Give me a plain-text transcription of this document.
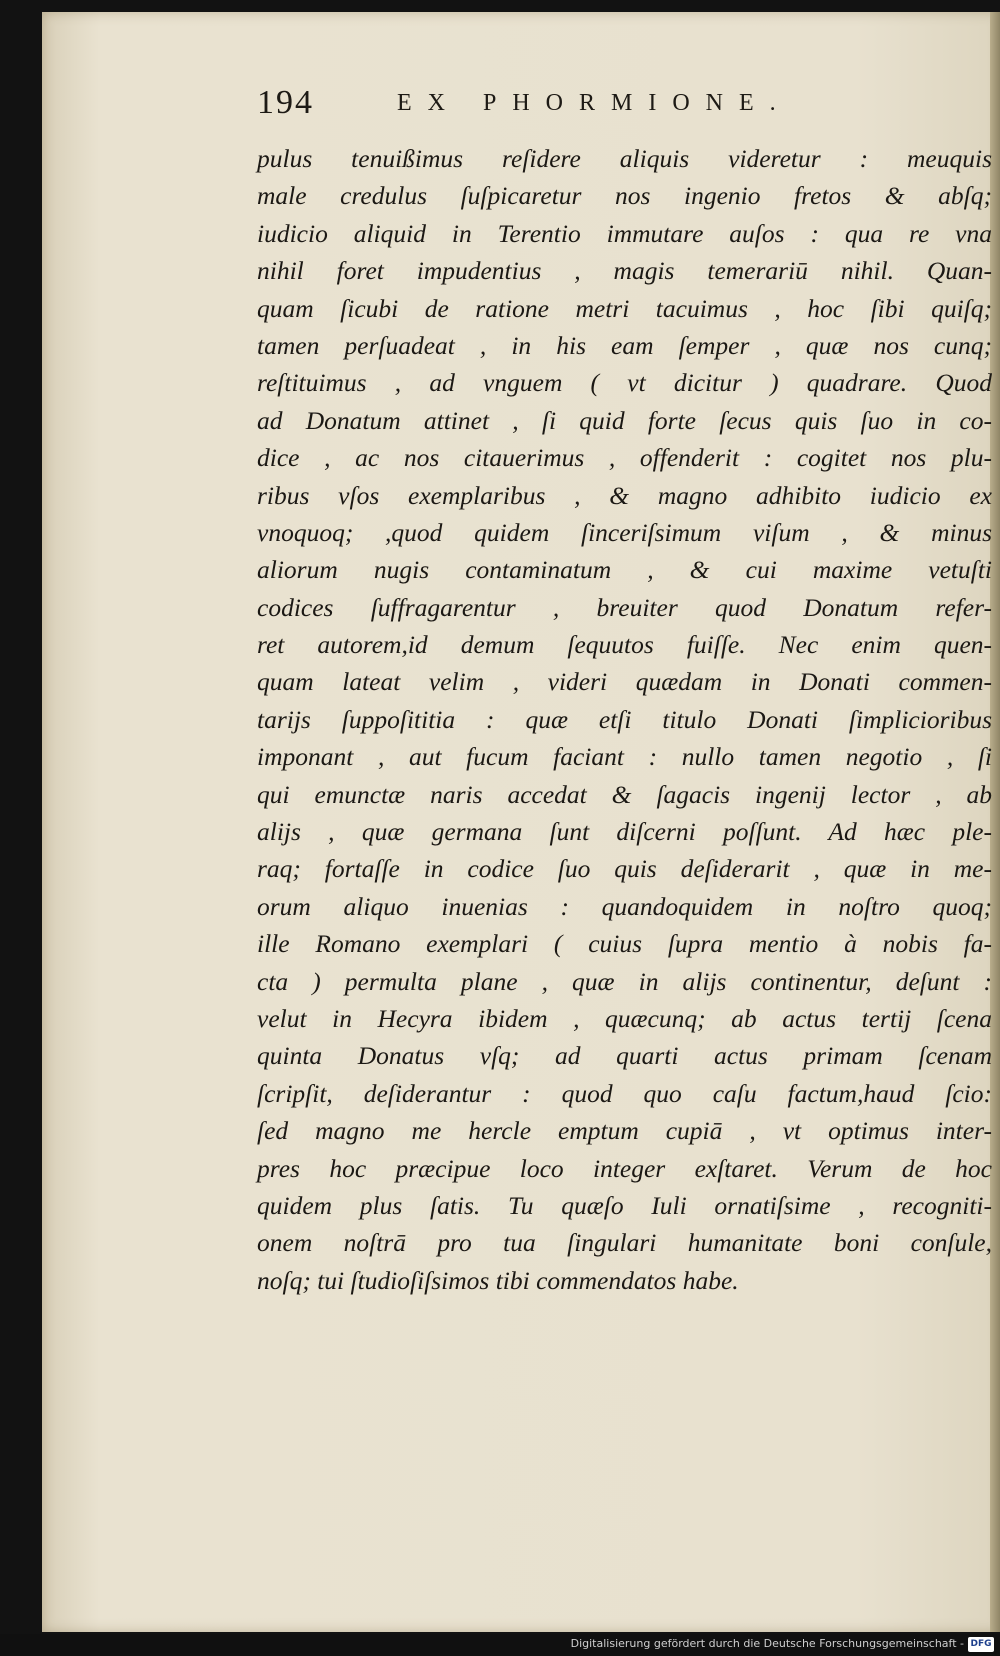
194	EX PHORMIONE.
pulus tenuißimus reſidere aliquis videretur : meuquis
male credulus ſuſpicaretur nos ingenio fretos & abſq;
iudicio aliquid in Terentio immutare auſos : qua re vna
nihil foret impudentius , magis temerariū nihil. Quan-
quam ſicubi de ratione metri tacuimus , hoc ſibi quiſq;
tamen perſuadeat , in his eam ſemper , quæ nos cunq;
reſtituimus , ad vnguem ( vt dicitur ) quadrare. Quod
ad Donatum attinet , ſi quid forte ſecus quis ſuo in co-
dice , ac nos citauerimus , offenderit : cogitet nos plu-
ribus vſos exemplaribus , & magno adhibito iudicio ex
vnoquoq; ,quod quidem ſinceriſsimum viſum , & minus
aliorum nugis contaminatum , & cui maxime vetuſti
codices ſuffragarentur , breuiter quod Donatum refer-
ret autorem,id demum ſequutos fuiſſe. Nec enim quen-
quam lateat velim , videri quædam in Donati commen-
tarijs ſuppoſititia : quæ etſi titulo Donati ſimplicioribus
imponant , aut fucum faciant : nullo tamen negotio , ſi
qui emunctæ naris accedat & ſagacis ingenij lector , ab
alijs , quæ germana ſunt diſcerni poſſunt. Ad hæc ple-
raq; fortaſſe in codice ſuo quis deſiderarit , quæ in me-
orum aliquo inuenias : quandoquidem in noſtro quoq;
ille Romano exemplari ( cuius ſupra mentio à nobis fa-
cta ) permulta plane , quæ in alijs continentur, deſunt :
velut in Hecyra ibidem , quæcunq; ab actus tertij ſcena
quinta Donatus vſq; ad quarti actus primam ſcenam
ſcripſit, deſiderantur : quod quo caſu factum,haud ſcio:
ſed magno me hercle emptum cupiā , vt optimus inter-
pres hoc præcipue loco integer exſtaret. Verum de hoc
quidem plus ſatis. Tu quæſo Iuli ornatiſsime , recogniti-
onem noſtrā pro tua ſingulari humanitate boni conſule,
noſq; tui ſtudioſiſsimos tibi commendatos habe.
Digitalisierung gefördert durch die Deutsche Forschungsgemeinschaft - DFG
